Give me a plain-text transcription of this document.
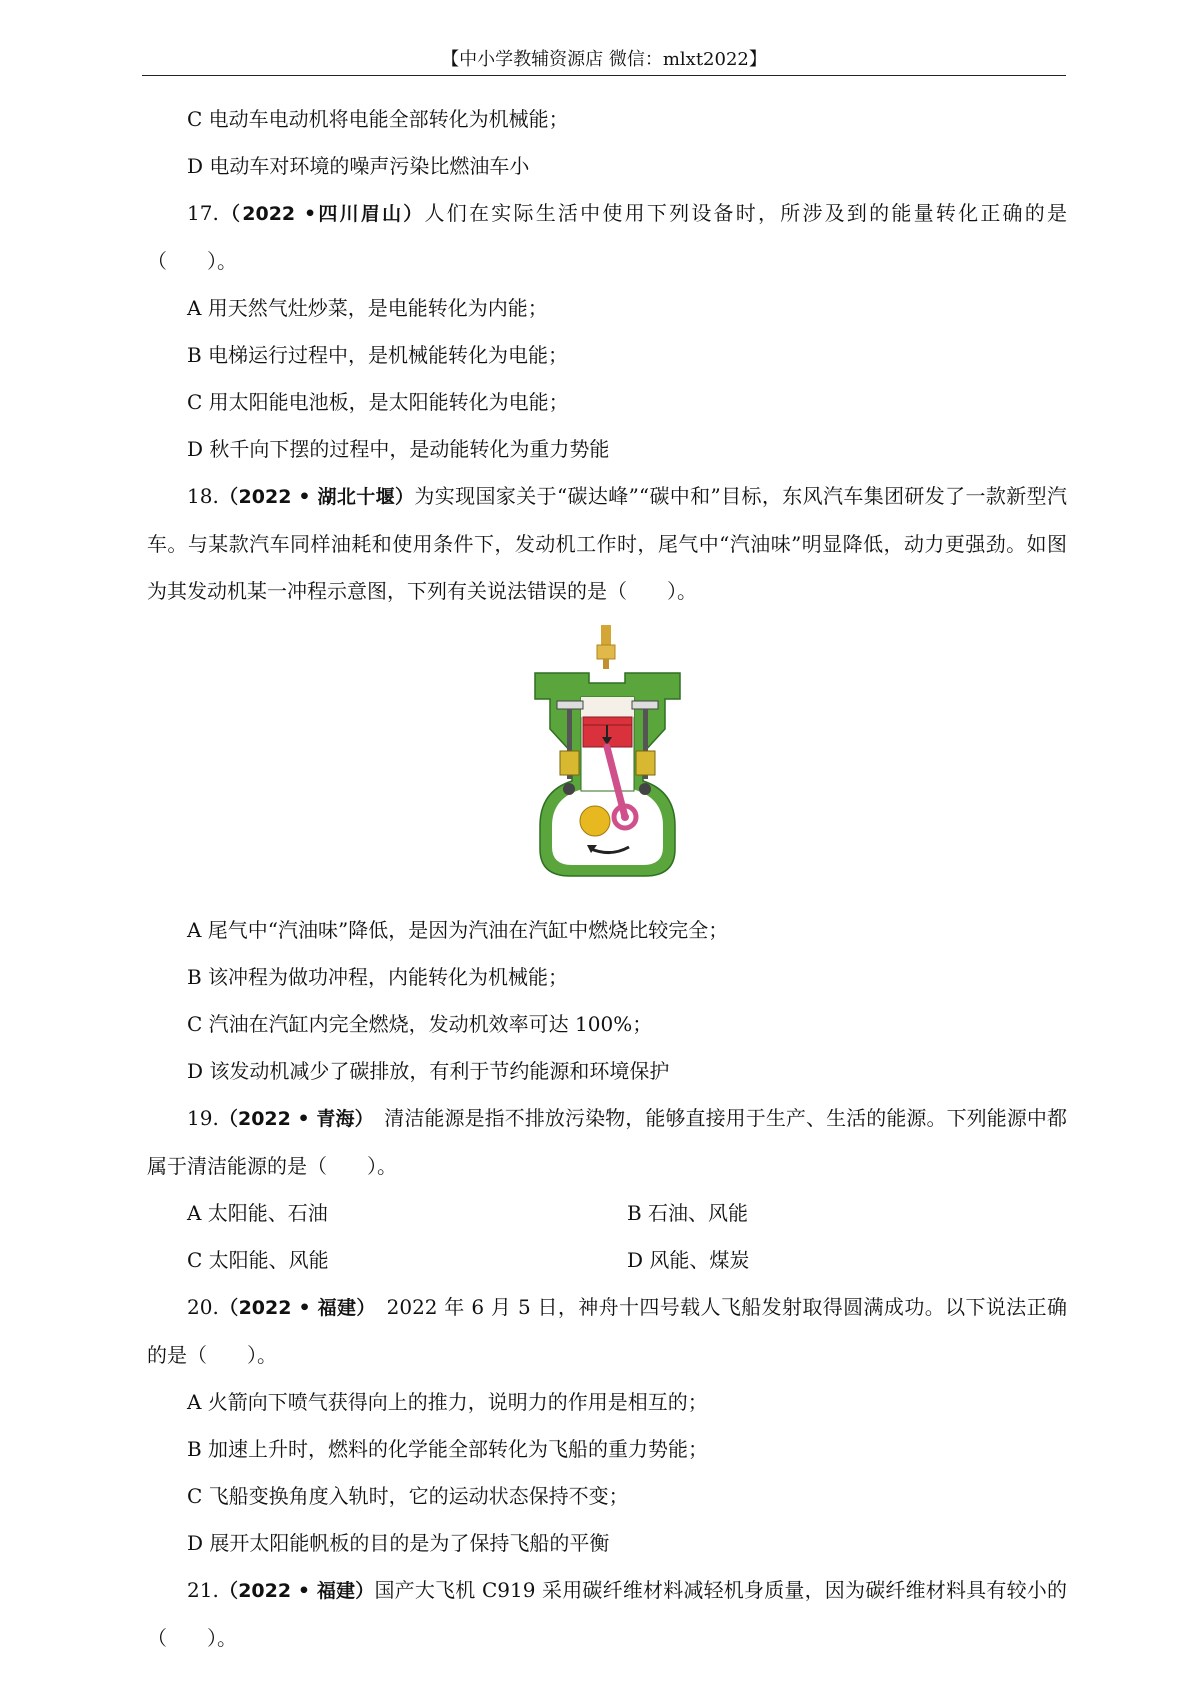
【中小学教辅资源店 微信：mlxt2022】
C 电动车电动机将电能全部转化为机械能；
D 电动车对环境的噪声污染比燃油车小
17.（2022 •四川眉山）人们在实际生活中使用下列设备时，所涉及到的能量转化正确的是（　　）。
A 用天然气灶炒菜，是电能转化为内能；
B 电梯运行过程中，是机械能转化为电能；
C 用太阳能电池板，是太阳能转化为电能；
D 秋千向下摆的过程中，是动能转化为重力势能
18.（2022 • 湖北十堰）为实现国家关于“碳达峰”“碳中和”目标，东风汽车集团研发了一款新型汽车。与某款汽车同样油耗和使用条件下，发动机工作时，尾气中“汽油味”明显降低，动力更强劲。如图为其发动机某一冲程示意图，下列有关说法错误的是（　　）。
A 尾气中“汽油味”降低，是因为汽油在汽缸中燃烧比较完全；
B 该冲程为做功冲程，内能转化为机械能；
C 汽油在汽缸内完全燃烧，发动机效率可达 100%；
D 该发动机减少了碳排放，有利于节约能源和环境保护
19.（2022 • 青海）　清洁能源是指不排放污染物，能够直接用于生产、生活的能源。下列能源中都属于清洁能源的是（　　）。
A 太阳能、石油	B 石油、风能
C 太阳能、风能	D 风能、煤炭
20.（2022 • 福建）　2022 年 6 月 5 日，神舟十四号载人飞船发射取得圆满成功。以下说法正确的是（　　）。
A 火箭向下喷气获得向上的推力，说明力的作用是相互的；
B 加速上升时，燃料的化学能全部转化为飞船的重力势能；
C 飞船变换角度入轨时，它的运动状态保持不变；
D 展开太阳能帆板的目的是为了保持飞船的平衡
21.（2022 • 福建）国产大飞机 C919 采用碳纤维材料减轻机身质量，因为碳纤维材料具有较小的（　　）。
